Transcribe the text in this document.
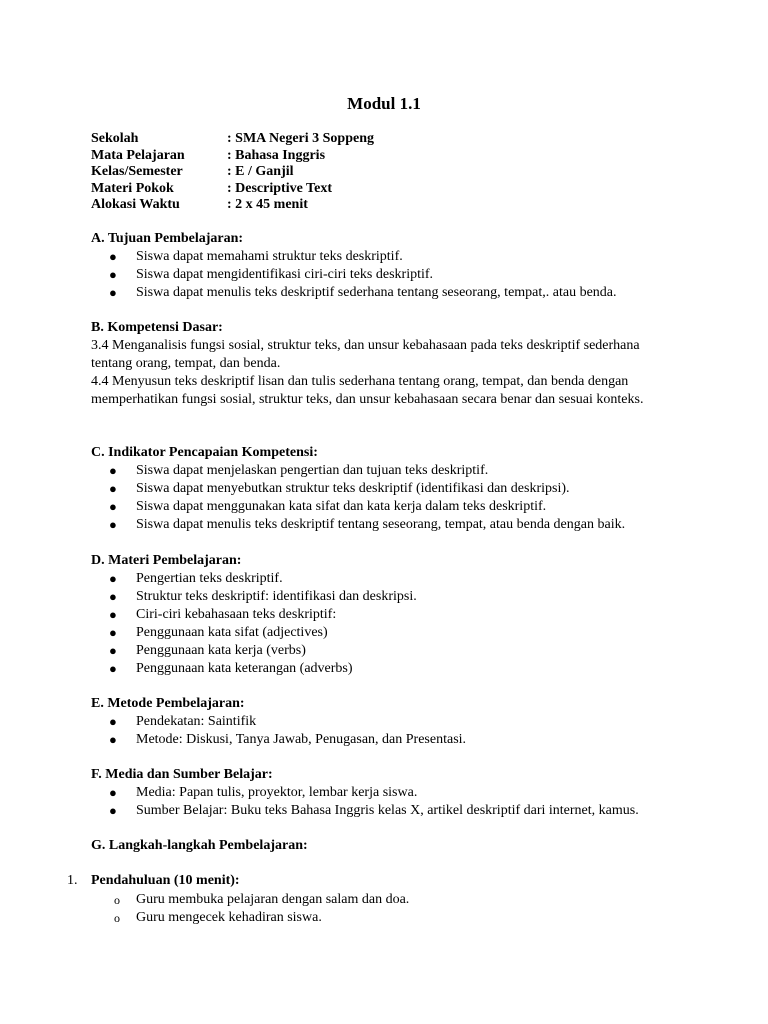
Modul 1.1
Sekolah	: SMA Negeri 3 Soppeng
Mata Pelajaran	: Bahasa Inggris
Kelas/Semester	: E / Ganjil
Materi Pokok	: Descriptive Text
Alokasi Waktu	: 2 x 45 menit
A. Tujuan Pembelajaran:
● Siswa dapat memahami struktur teks deskriptif.
● Siswa dapat mengidentifikasi ciri-ciri teks deskriptif.
● Siswa dapat menulis teks deskriptif sederhana tentang seseorang, tempat,. atau benda.
B. Kompetensi Dasar:
3.4 Menganalisis fungsi sosial, struktur teks, dan unsur kebahasaan pada teks deskriptif sederhana tentang orang, tempat, dan benda.
4.4 Menyusun teks deskriptif lisan dan tulis sederhana tentang orang, tempat, dan benda dengan memperhatikan fungsi sosial, struktur teks, dan unsur kebahasaan secara benar dan sesuai konteks.
C. Indikator Pencapaian Kompetensi:
● Siswa dapat menjelaskan pengertian dan tujuan teks deskriptif.
● Siswa dapat menyebutkan struktur teks deskriptif (identifikasi dan deskripsi).
● Siswa dapat menggunakan kata sifat dan kata kerja dalam teks deskriptif.
● Siswa dapat menulis teks deskriptif tentang seseorang, tempat, atau benda dengan baik.
D. Materi Pembelajaran:
● Pengertian teks deskriptif.
● Struktur teks deskriptif: identifikasi dan deskripsi.
● Ciri-ciri kebahasaan teks deskriptif:
● Penggunaan kata sifat (adjectives)
● Penggunaan kata kerja (verbs)
● Penggunaan kata keterangan (adverbs)
E. Metode Pembelajaran:
● Pendekatan: Saintifik
● Metode: Diskusi, Tanya Jawab, Penugasan, dan Presentasi.
F. Media dan Sumber Belajar:
● Media: Papan tulis, proyektor, lembar kerja siswa.
● Sumber Belajar: Buku teks Bahasa Inggris kelas X, artikel deskriptif dari internet, kamus.
G. Langkah-langkah Pembelajaran:
1. Pendahuluan (10 menit):
o Guru membuka pelajaran dengan salam dan doa.
o Guru mengecek kehadiran siswa.
